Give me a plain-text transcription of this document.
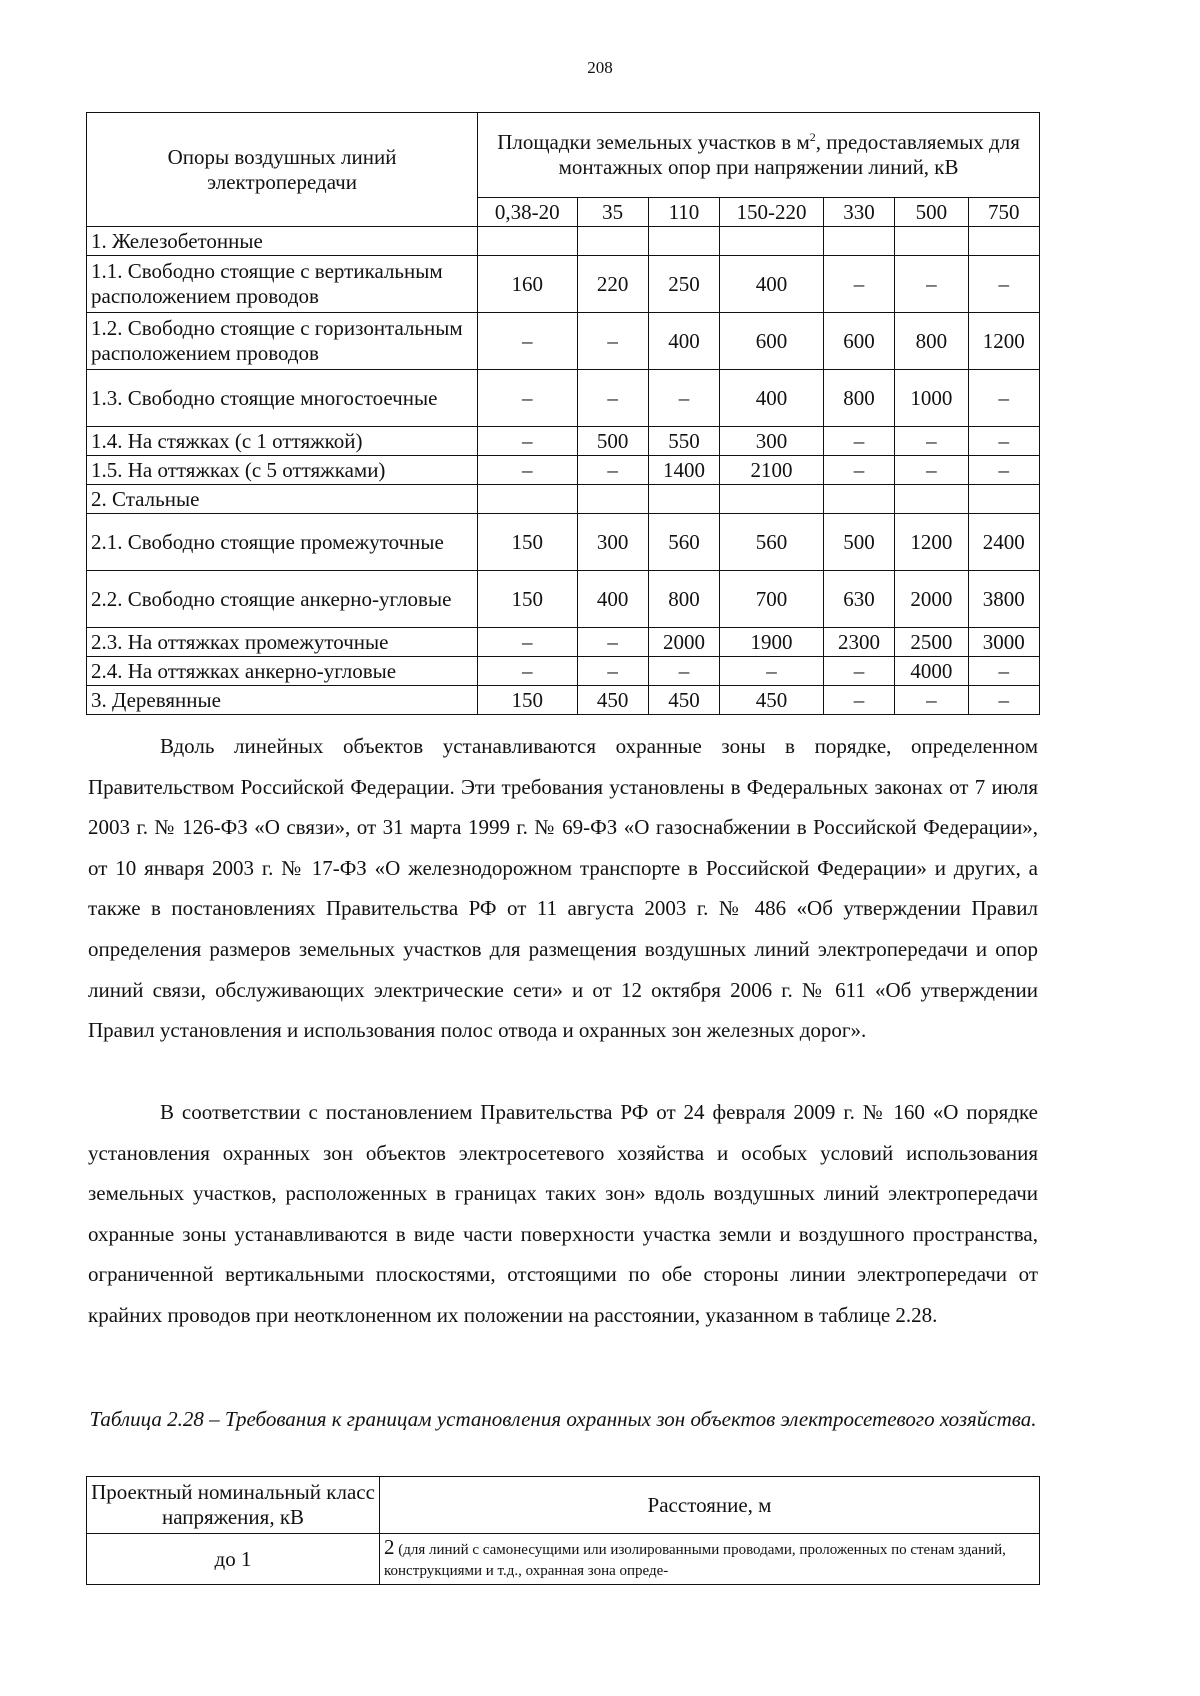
208
Опоры воздушных линий электропередачи	Площадки земельных участков в $м^2$, предоставляемых для монтажных опор при напряжении линий, кВ						
	0,38-20	35	110	150-220	330	500	750
1. Железобетонные							
1.1. Свободно стоящие с вертикальным расположением проводов	160	220	250	400	–	–	–
1.2. Свободно стоящие с горизонтальным расположением проводов	–	–	400	600	600	800	1200
1.3. Свободно стоящие многостоечные	–	–	–	400	800	1000	–
1.4. На стяжках (с 1 оттяжкой)	–	500	550	300	–	–	–
1.5. На оттяжках (с 5 оттяжками)	–	–	1400	2100	–	–	–
2. Стальные							
2.1. Свободно стоящие промежуточные	150	300	560	560	500	1200	2400
2.2. Свободно стоящие анкерно-угловые	150	400	800	700	630	2000	3800
2.3. На оттяжках промежуточные	–	–	2000	1900	2300	2500	3000
2.4. На оттяжках анкерно-угловые	–	–	–	–	–	4000	–
3. Деревянные	150	450	450	450	–	–	–

Вдоль линейных объектов устанавливаются охранные зоны в порядке, определенном Правительством Российской Федерации. Эти требования установлены в Федеральных законах от 7 июля 2003 г. № 126-ФЗ «О связи», от 31 марта 1999 г. № 69-ФЗ «О газоснабжении в Российской Федерации», от 10 января 2003 г. № 17-ФЗ «О железнодорожном транспорте в Российской Федерации» и других, а также в постановлениях Правительства РФ от 11 августа 2003 г. № 486 «Об утверждении Правил определения размеров земельных участков для размещения воздушных линий электропередачи и опор линий связи, обслуживающих электрические сети» и от 12 октября 2006 г. № 611 «Об утверждении Правил установления и использования полос отвода и охранных зон железных дорог».

В соответствии с постановлением Правительства РФ от 24 февраля 2009 г. № 160 «О порядке установления охранных зон объектов электросетевого хозяйства и особых условий использования земельных участков, расположенных в границах таких зон» вдоль воздушных линий электропередачи охранные зоны устанавливаются в виде части поверхности участка земли и воздушного пространства, ограниченной вертикальными плоскостями, отстоящими по обе стороны линии электропередачи от крайних проводов при неотклоненном их положении на расстоянии, указанном в таблице 2.28.

Таблица 2.28 – Требования к границам установления охранных зон объектов электросетевого хозяйства.
Проектный номинальный класс напряжения, кВ	Расстояние, м
до 1	2 (для линий с самонесущими или изолированными проводами, проложенных по стенам зданий, конструкциями и т.д., охранная зона опреде-
